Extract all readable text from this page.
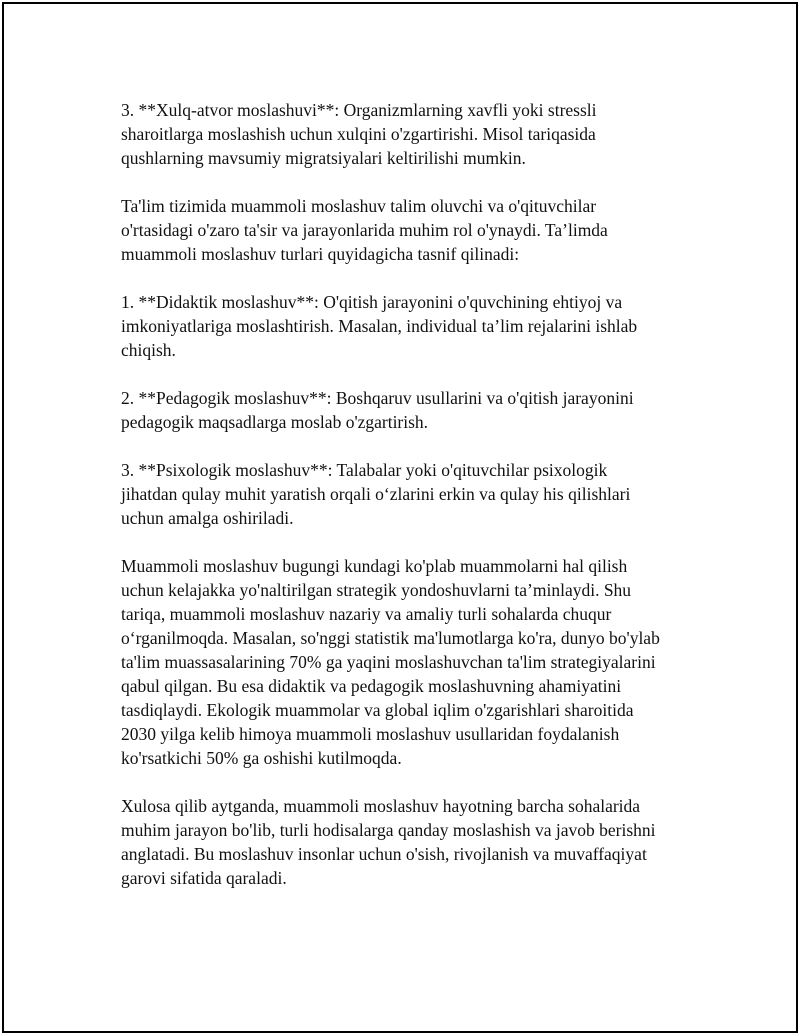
3. **Xulq-atvor moslashuvi**: Organizmlarning xavfli yoki stressli
sharoitlarga moslashish uchun xulqini o'zgartirishi. Misol tariqasida
qushlarning mavsumiy migratsiyalari keltirilishi mumkin.

Ta'lim tizimida muammoli moslashuv talim oluvchi va o'qituvchilar
o'rtasidagi o'zaro ta'sir va jarayonlarida muhim rol o'ynaydi. Ta’limda
muammoli moslashuv turlari quyidagicha tasnif qilinadi:

1. **Didaktik moslashuv**: O'qitish jarayonini o'quvchining ehtiyoj va
imkoniyatlariga moslashtirish. Masalan, individual ta’lim rejalarini ishlab
chiqish.

2. **Pedagogik moslashuv**: Boshqaruv usullarini va o'qitish jarayonini
pedagogik maqsadlarga moslab o'zgartirish.

3. **Psixologik moslashuv**: Talabalar yoki o'qituvchilar psixologik
jihatdan qulay muhit yaratish orqali o‘zlarini erkin va qulay his qilishlari
uchun amalga oshiriladi.

Muammoli moslashuv bugungi kundagi ko'plab muammolarni hal qilish
uchun kelajakka yo'naltirilgan strategik yondoshuvlarni ta’minlaydi. Shu
tariqa, muammoli moslashuv nazariy va amaliy turli sohalarda chuqur
o‘rganilmoqda. Masalan, so'nggi statistik ma'lumotlarga ko'ra, dunyo bo'ylab
ta'lim muassasalarining 70% ga yaqini moslashuvchan ta'lim strategiyalarini
qabul qilgan. Bu esa didaktik va pedagogik moslashuvning ahamiyatini
tasdiqlaydi. Ekologik muammolar va global iqlim o'zgarishlari sharoitida
2030 yilga kelib himoya muammoli moslashuv usullaridan foydalanish
ko'rsatkichi 50% ga oshishi kutilmoqda.

Xulosa qilib aytganda, muammoli moslashuv hayotning barcha sohalarida
muhim jarayon bo'lib, turli hodisalarga qanday moslashish va javob berishni
anglatadi. Bu moslashuv insonlar uchun o'sish, rivojlanish va muvaffaqiyat
garovi sifatida qaraladi.
